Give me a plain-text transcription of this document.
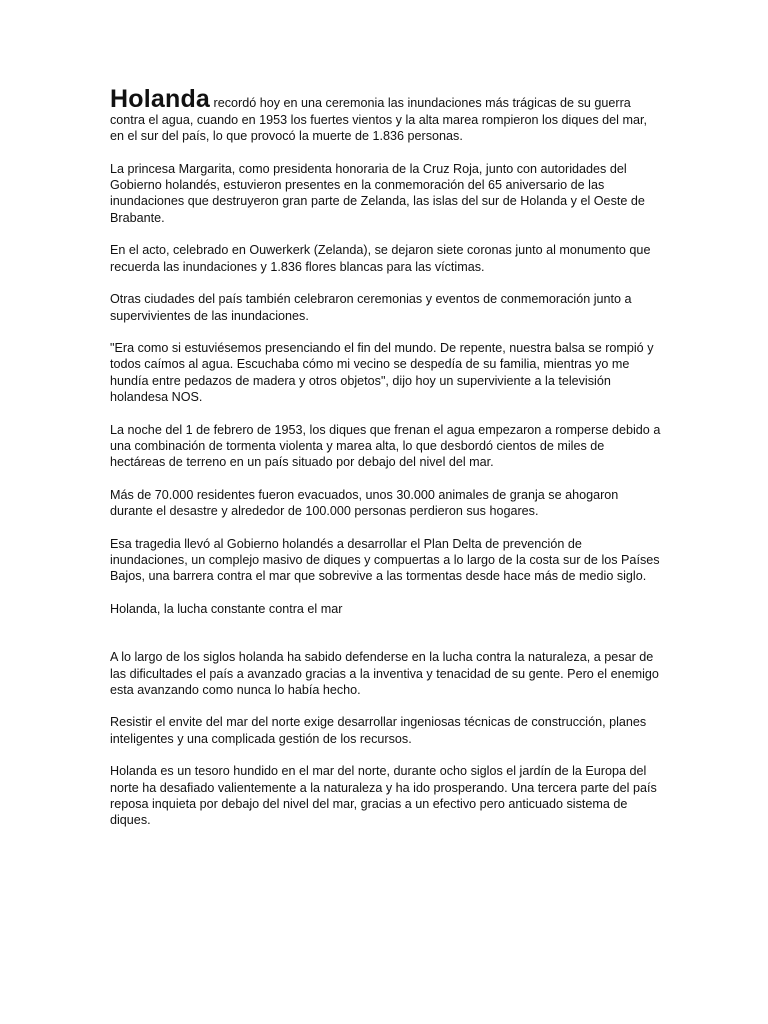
Holanda recordó hoy en una ceremonia las inundaciones más trágicas de su guerra contra el agua, cuando en 1953 los fuertes vientos y la alta marea rompieron los diques del mar, en el sur del país, lo que provocó la muerte de 1.836 personas.

La princesa Margarita, como presidenta honoraria de la Cruz Roja, junto con autoridades del Gobierno holandés, estuvieron presentes en la conmemoración del 65 aniversario de las inundaciones que destruyeron gran parte de Zelanda, las islas del sur de Holanda y el Oeste de Brabante.

En el acto, celebrado en Ouwerkerk (Zelanda), se dejaron siete coronas junto al monumento que recuerda las inundaciones y 1.836 flores blancas para las víctimas.

Otras ciudades del país también celebraron ceremonias y eventos de conmemoración junto a supervivientes de las inundaciones.

"Era como si estuviésemos presenciando el fin del mundo. De repente, nuestra balsa se rompió y todos caímos al agua. Escuchaba cómo mi vecino se despedía de su familia, mientras yo me hundía entre pedazos de madera y otros objetos", dijo hoy un superviviente a la televisión holandesa NOS.

La noche del 1 de febrero de 1953, los diques que frenan el agua empezaron a romperse debido a una combinación de tormenta violenta y marea alta, lo que desbordó cientos de miles de hectáreas de terreno en un país situado por debajo del nivel del mar.

Más de 70.000 residentes fueron evacuados, unos 30.000 animales de granja se ahogaron durante el desastre y alrededor de 100.000 personas perdieron sus hogares.

Esa tragedia llevó al Gobierno holandés a desarrollar el Plan Delta de prevención de inundaciones, un complejo masivo de diques y compuertas a lo largo de la costa sur de los Países Bajos, una barrera contra el mar que sobrevive a las tormentas desde hace más de medio siglo.

Holanda, la lucha constante contra el mar

A lo largo de los siglos holanda ha sabido defenderse en la lucha contra la naturaleza, a pesar de las dificultades el país a avanzado gracias a la inventiva y tenacidad de su gente. Pero el enemigo esta avanzando como nunca lo había hecho.

Resistir el envite del mar del norte exige desarrollar ingeniosas técnicas de construcción, planes inteligentes y una complicada gestión de los recursos.

Holanda es un tesoro hundido en el mar del norte, durante ocho siglos el jardín de la Europa del norte ha desafiado valientemente a la naturaleza y ha ido prosperando. Una tercera parte del país reposa inquieta por debajo del nivel del mar, gracias a un efectivo pero anticuado sistema de diques.
